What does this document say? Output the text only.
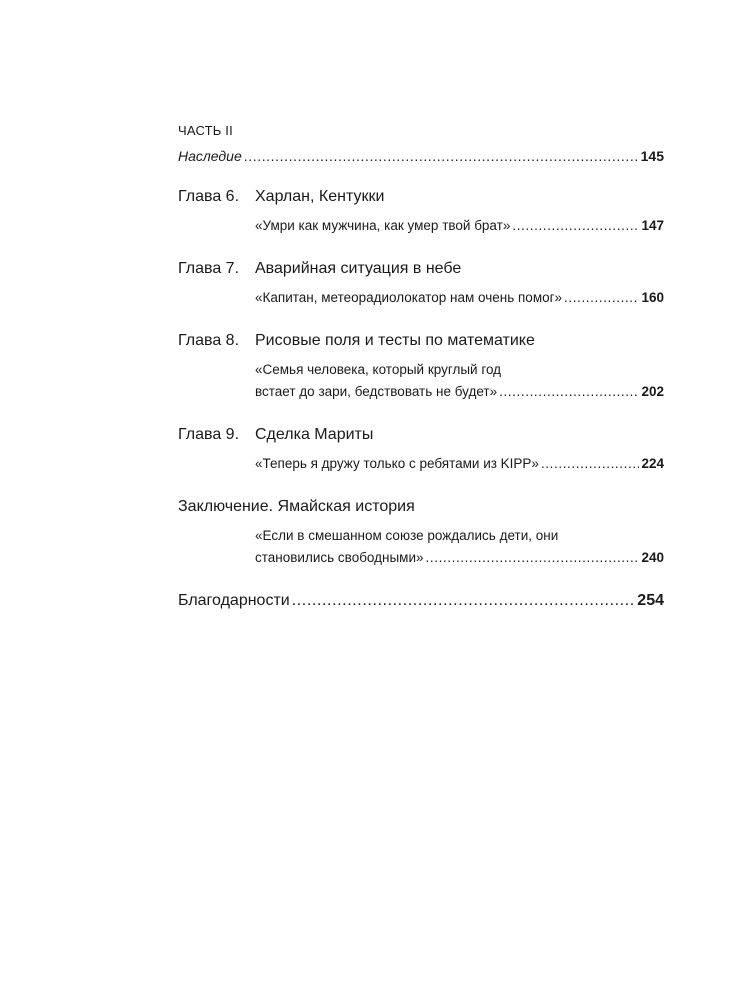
ЧАСТЬ II

Наследие .....	145
Глава 6. Харлан, Кентукки
«Умри как мужчина, как умер твой брат» .....	147
Глава 7. Аварийная ситуация в небе
«Капитан, метеорадиолокатор нам очень помог» .....	160
Глава 8. Рисовые поля и тесты по математике
«Семья человека, который круглый год
встает до зари, бедствовать не будет» .....	202
Глава 9. Сделка Мариты
«Теперь я дружу только с ребятами из KIPP» .....	224
Заключение. Ямайская история
«Если в смешанном союзе рождались дети, они
становились свободными» .....	240
Благодарности .....	254
